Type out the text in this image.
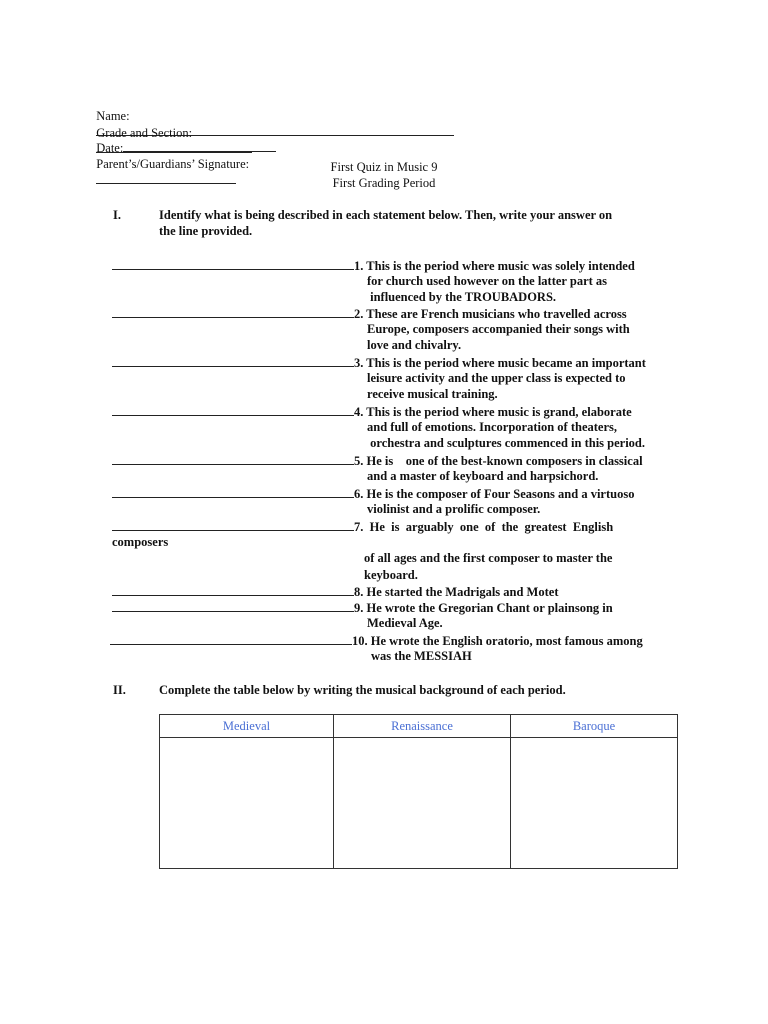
Name:

Date:

Grade and Section:

Parent’s/Guardians’ Signature:
	First Quiz in Music 9
First Grading Period
I.	Identify what is being described in each statement below. Then, write your answer on
the line provided.
1. This is the period where music was solely intended
for church used however on the latter part as
influenced by the TROUBADORS.
2. These are French musicians who travelled across
Europe, composers accompanied their songs with
love and chivalry.
3. This is the period where music became an important
leisure activity and the upper class is expected to
receive musical training.
4. This is the period where music is grand, elaborate
and full of emotions. Incorporation of theaters,
orchestra and sculptures commenced in this period.
5. He is    one of the best-known composers in classical
and a master of keyboard and harpsichord.
6. He is the composer of Four Seasons and a virtuoso
violinist and a prolific composer.
7.  He  is  arguably  one  of  the  greatest  English
composers
of all ages and the first composer to master the
keyboard.
8. He started the Madrigals and Motet
9. He wrote the Gregorian Chant or plainsong in
Medieval Age.
10. He wrote the English oratorio, most famous among
was the MESSIAH
II.	Complete the table below by writing the musical background of each period.
Medieval	Renaissance	Baroque
